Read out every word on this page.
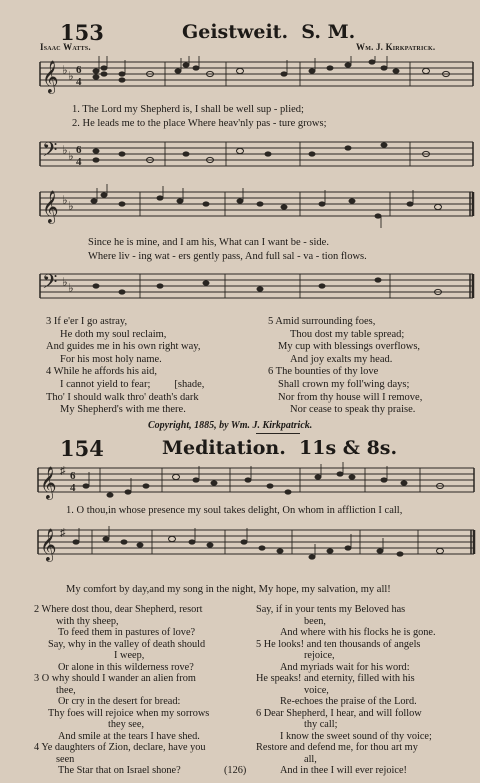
153	Geistweit. S. M.
Isaac Watts.	Wm. J. Kirkpatrick.
𝄞 ♭ ♭ 6
4
1. The Lord my Shepherd is, I shall be well sup - plied;
2. He leads me to the place Where heav'nly pas - ture grows;
𝄢 ♭ ♭ 6
4
𝄞 ♭ ♭
Since he is mine, and I am his, What can I want be - side.
Where liv - ing wat - ers gently pass, And full sal - va - tion flows.
𝄢 ♭ ♭
3 If e'er I go astray,
He doth my soul reclaim,
And guides me in his own right way,
For his most holy name.
4 While he affords his aid,
I cannot yield to fear; [shade,
Tho' I should walk thro' death's dark
My Shepherd's with me there.
5 Amid surrounding foes,
Thou dost my table spread;
My cup with blessings overflows,
And joy exalts my head.
6 The bounties of thy love
Shall crown my foll'wing days;
Nor from thy house will I remove,
Nor cease to speak thy praise.
Copyright, 1885, by Wm. J. Kirkpatrick.
154	Meditation. 11s & 8s.
𝄞 ♯ 6
4
1. O thou,in whose presence my soul takes delight, On whom in affliction I call,
𝄞 ♯
My comfort by day,and my song in the night, My hope, my salvation, my all!
2 Where dost thou, dear Shepherd, resort
with thy sheep,
To feed them in pastures of love?
Say, why in the valley of death should
I weep,
Or alone in this wilderness rove?
3 O why should I wander an alien from
thee,
Or cry in the desert for bread:
Thy foes will rejoice when my sorrows
they see,
And smile at the tears I have shed.
4 Ye daughters of Zion, declare, have you
seen
The Star that on Israel shone?
Say, if in your tents my Beloved has
been,
And where with his flocks he is gone.
5 He looks! and ten thousands of angels
rejoice,
And myriads wait for his word:
He speaks! and eternity, filled with his
voice,
Re-echoes the praise of the Lord.
6 Dear Shepherd, I hear, and will follow
thy call;
I know the sweet sound of thy voice;
Restore and defend me, for thou art my
all,
And in thee I will ever rejoice!
(126)
